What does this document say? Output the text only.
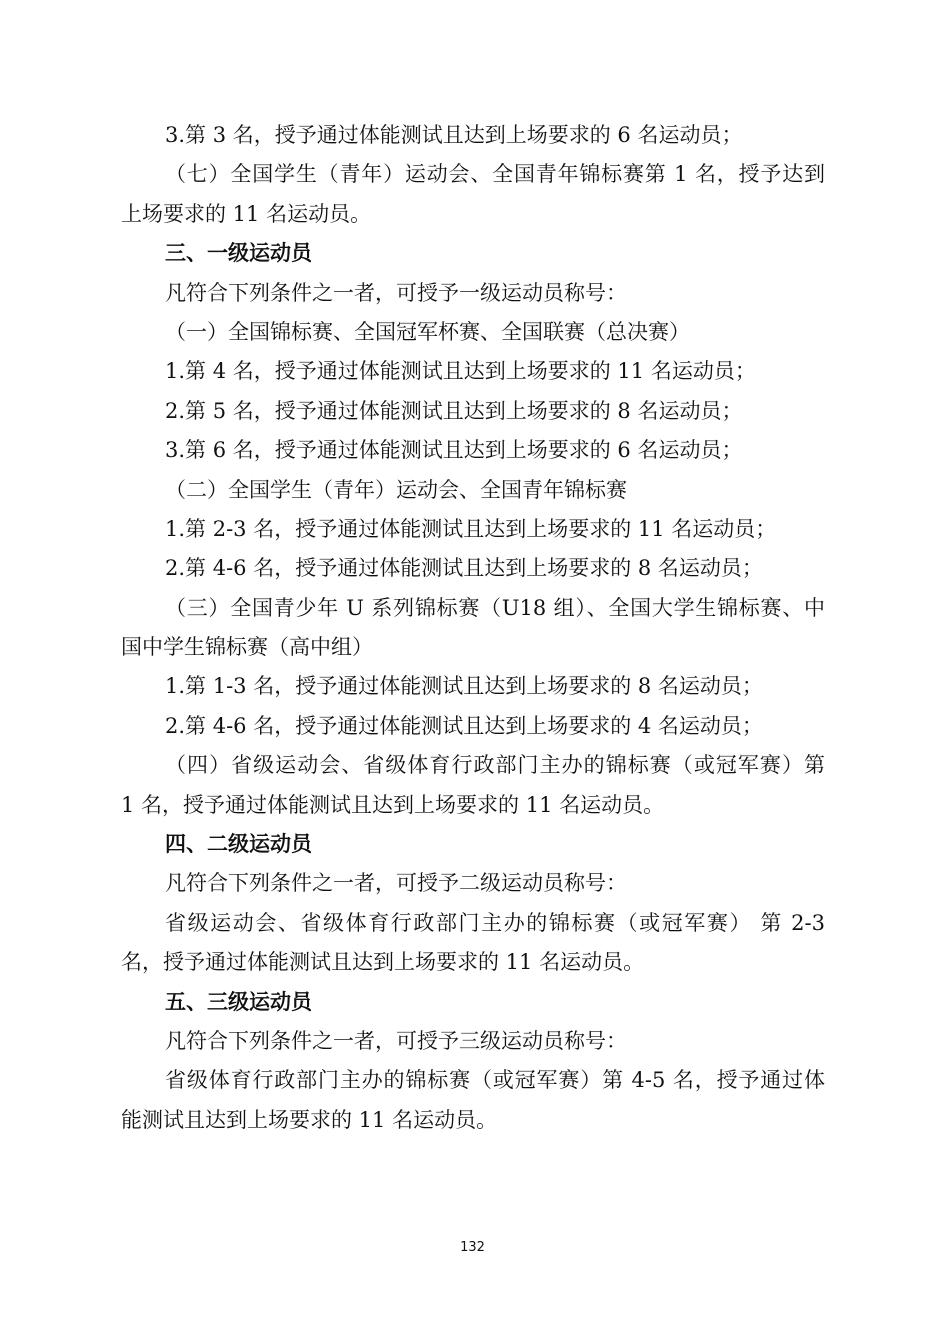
3.第 3 名，授予通过体能测试且达到上场要求的 6 名运动员；

（七）全国学生（青年）运动会、全国青年锦标赛第 1 名，授予达到

上场要求的 11 名运动员。

三、一级运动员

凡符合下列条件之一者，可授予一级运动员称号：

（一）全国锦标赛、全国冠军杯赛、全国联赛（总决赛）

1.第 4 名，授予通过体能测试且达到上场要求的 11 名运动员；

2.第 5 名，授予通过体能测试且达到上场要求的 8 名运动员；

3.第 6 名，授予通过体能测试且达到上场要求的 6 名运动员；

（二）全国学生（青年）运动会、全国青年锦标赛

1.第 2-3 名，授予通过体能测试且达到上场要求的 11 名运动员；

2.第 4-6 名，授予通过体能测试且达到上场要求的 8 名运动员；

（三）全国青少年 U 系列锦标赛（U18 组）、全国大学生锦标赛、中

国中学生锦标赛（高中组）

1.第 1-3 名，授予通过体能测试且达到上场要求的 8 名运动员；

2.第 4-6 名，授予通过体能测试且达到上场要求的 4 名运动员；

（四）省级运动会、省级体育行政部门主办的锦标赛（或冠军赛）第

1 名，授予通过体能测试且达到上场要求的 11 名运动员。

四、二级运动员

凡符合下列条件之一者，可授予二级运动员称号：

省级运动会、省级体育行政部门主办的锦标赛（或冠军赛） 第 2-3

名，授予通过体能测试且达到上场要求的 11 名运动员。

五、三级运动员

凡符合下列条件之一者，可授予三级运动员称号：

省级体育行政部门主办的锦标赛（或冠军赛）第 4-5 名，授予通过体

能测试且达到上场要求的 11 名运动员。

132
